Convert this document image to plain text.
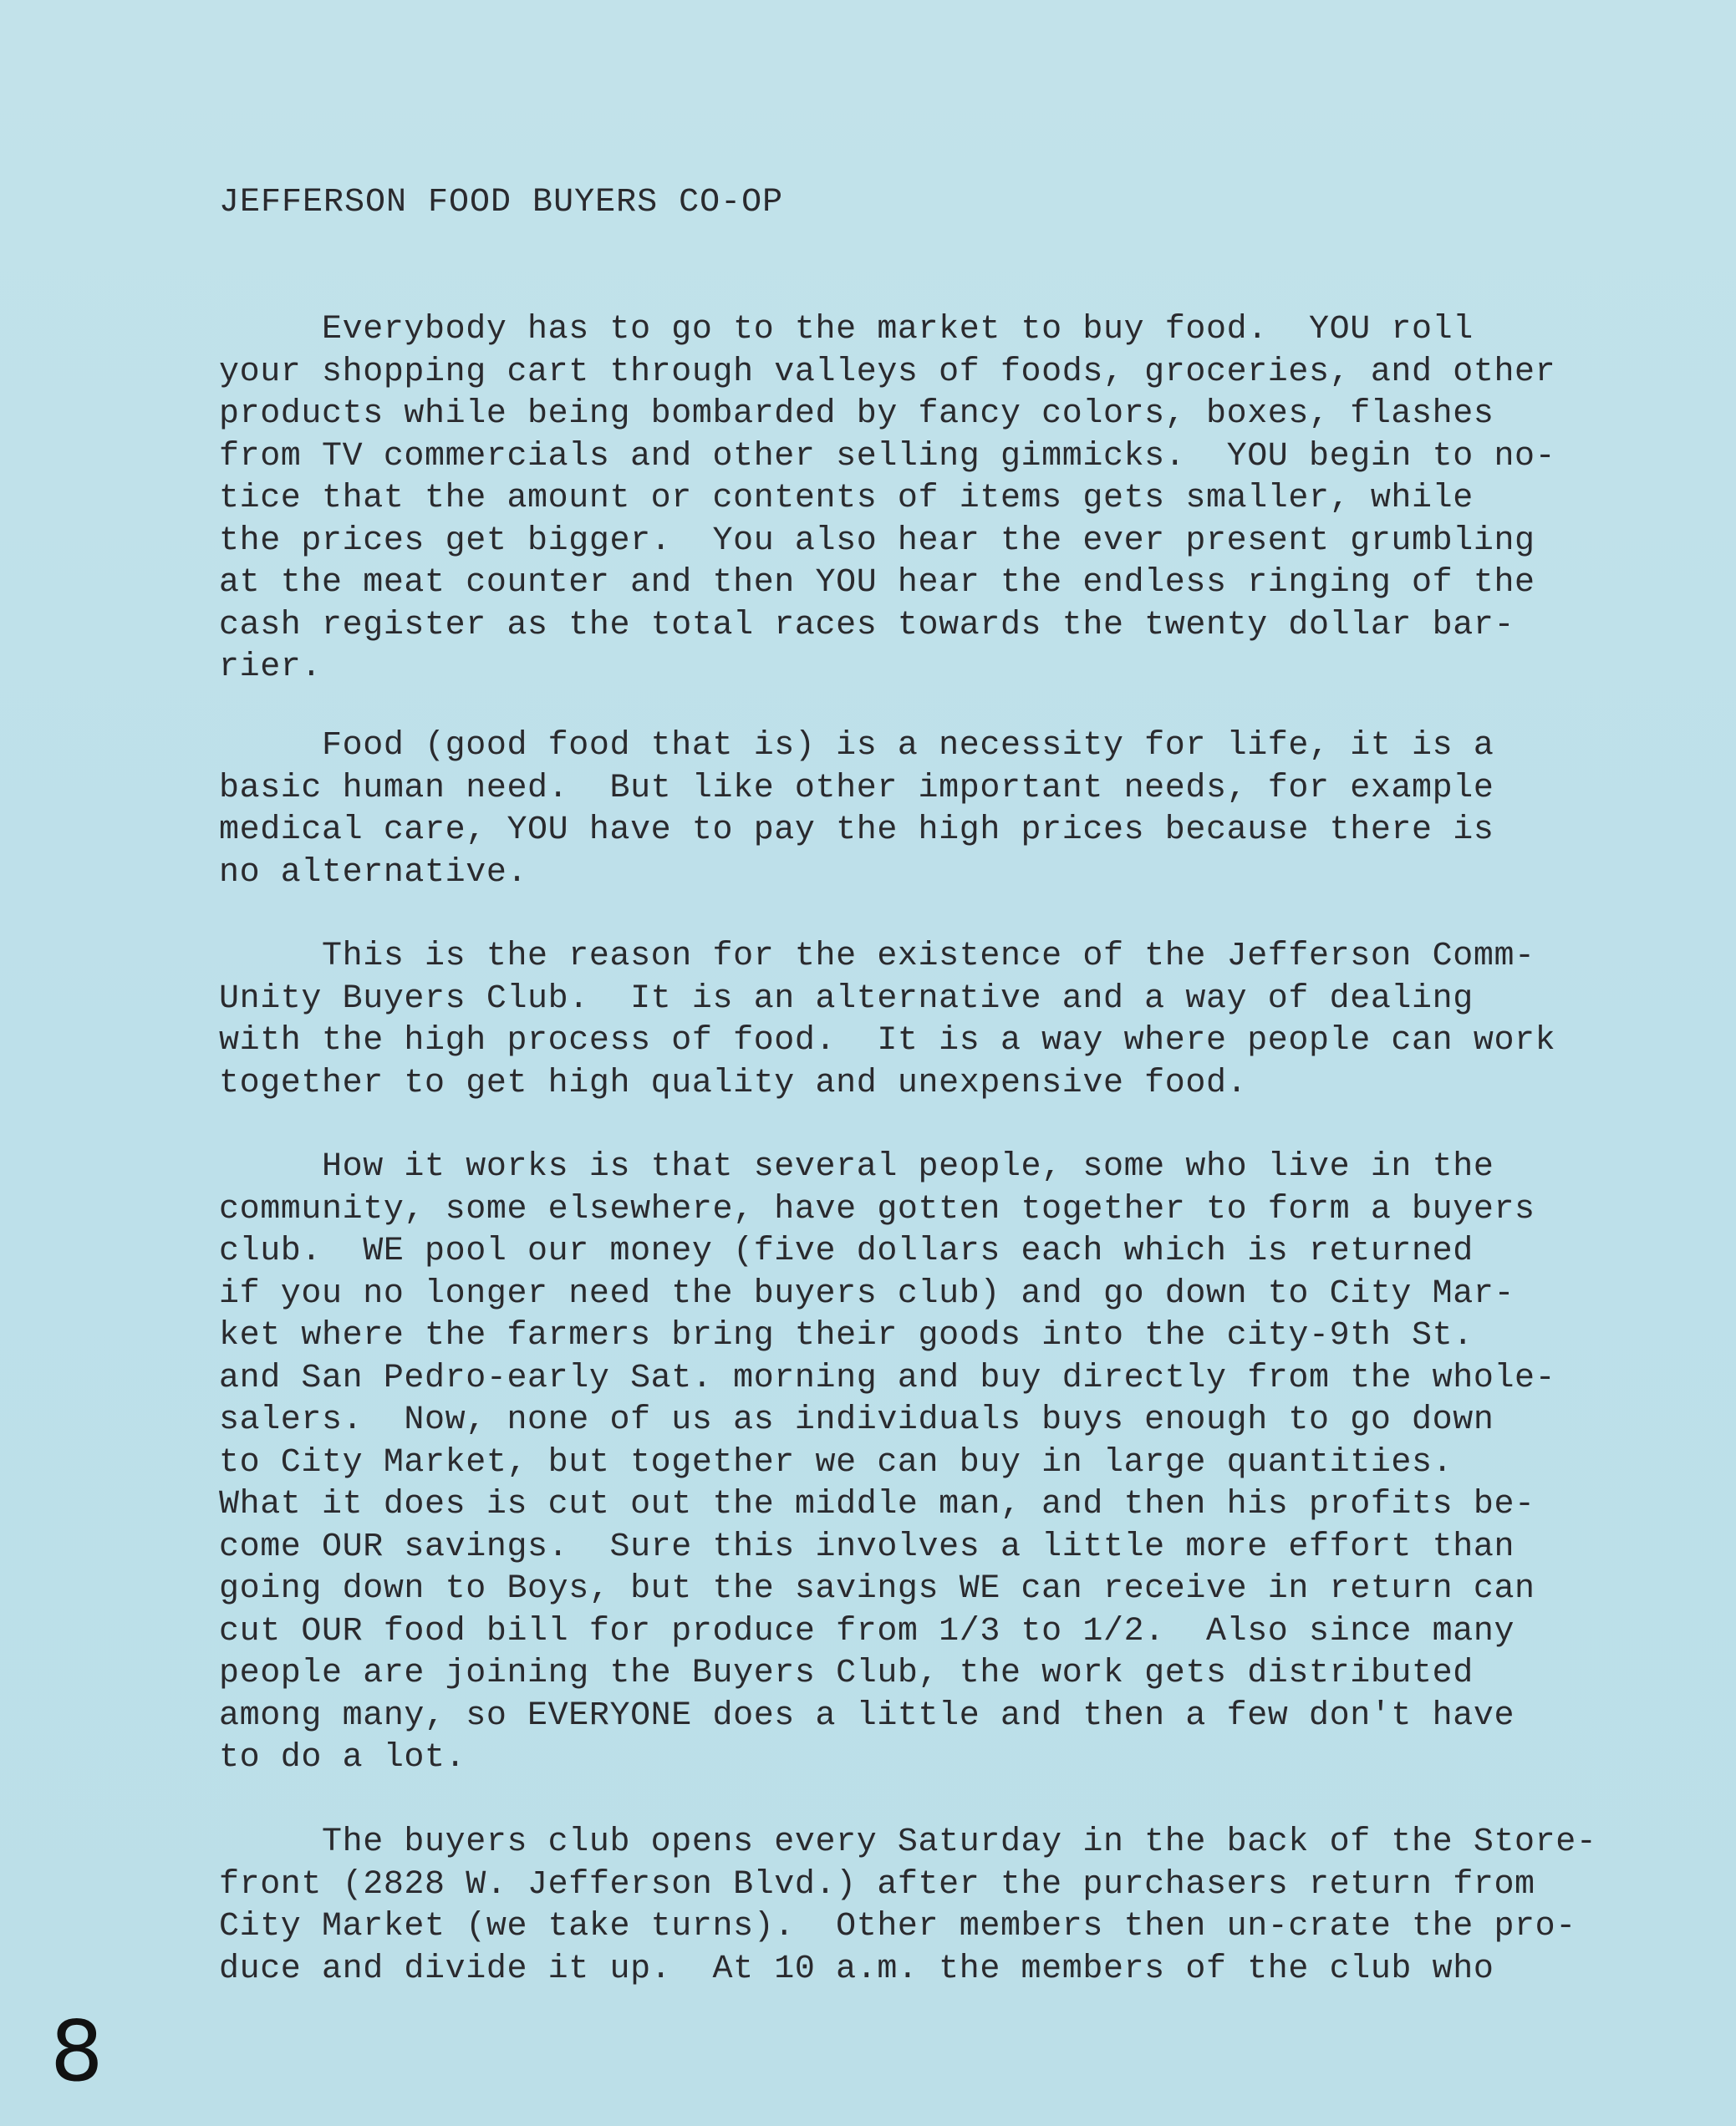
JEFFERSON FOOD BUYERS CO-OP
Everybody has to go to the market to buy food.  YOU roll
your shopping cart through valleys of foods, groceries, and other
products while being bombarded by fancy colors, boxes, flashes
from TV commercials and other selling gimmicks.  YOU begin to no-
tice that the amount or contents of items gets smaller, while
the prices get bigger.  You also hear the ever present grumbling
at the meat counter and then YOU hear the endless ringing of the
cash register as the total races towards the twenty dollar bar-
rier.
Food (good food that is) is a necessity for life, it is a
basic human need.  But like other important needs, for example
medical care, YOU have to pay the high prices because there is
no alternative.
This is the reason for the existence of the Jefferson Comm-
Unity Buyers Club.  It is an alternative and a way of dealing
with the high process of food.  It is a way where people can work
together to get high quality and unexpensive food.
How it works is that several people, some who live in the
community, some elsewhere, have gotten together to form a buyers
club.  WE pool our money (five dollars each which is returned
if you no longer need the buyers club) and go down to City Mar-
ket where the farmers bring their goods into the city-9th St.
and San Pedro-early Sat. morning and buy directly from the whole-
salers.  Now, none of us as individuals buys enough to go down
to City Market, but together we can buy in large quantities.
What it does is cut out the middle man, and then his profits be-
come OUR savings.  Sure this involves a little more effort than
going down to Boys, but the savings WE can receive in return can
cut OUR food bill for produce from 1/3 to 1/2.  Also since many
people are joining the Buyers Club, the work gets distributed
among many, so EVERYONE does a little and then a few don't have
to do a lot.
The buyers club opens every Saturday in the back of the Store-
front (2828 W. Jefferson Blvd.) after the purchasers return from
City Market (we take turns).  Other members then un-crate the pro-
duce and divide it up.  At 10 a.m. the members of the club who
8
